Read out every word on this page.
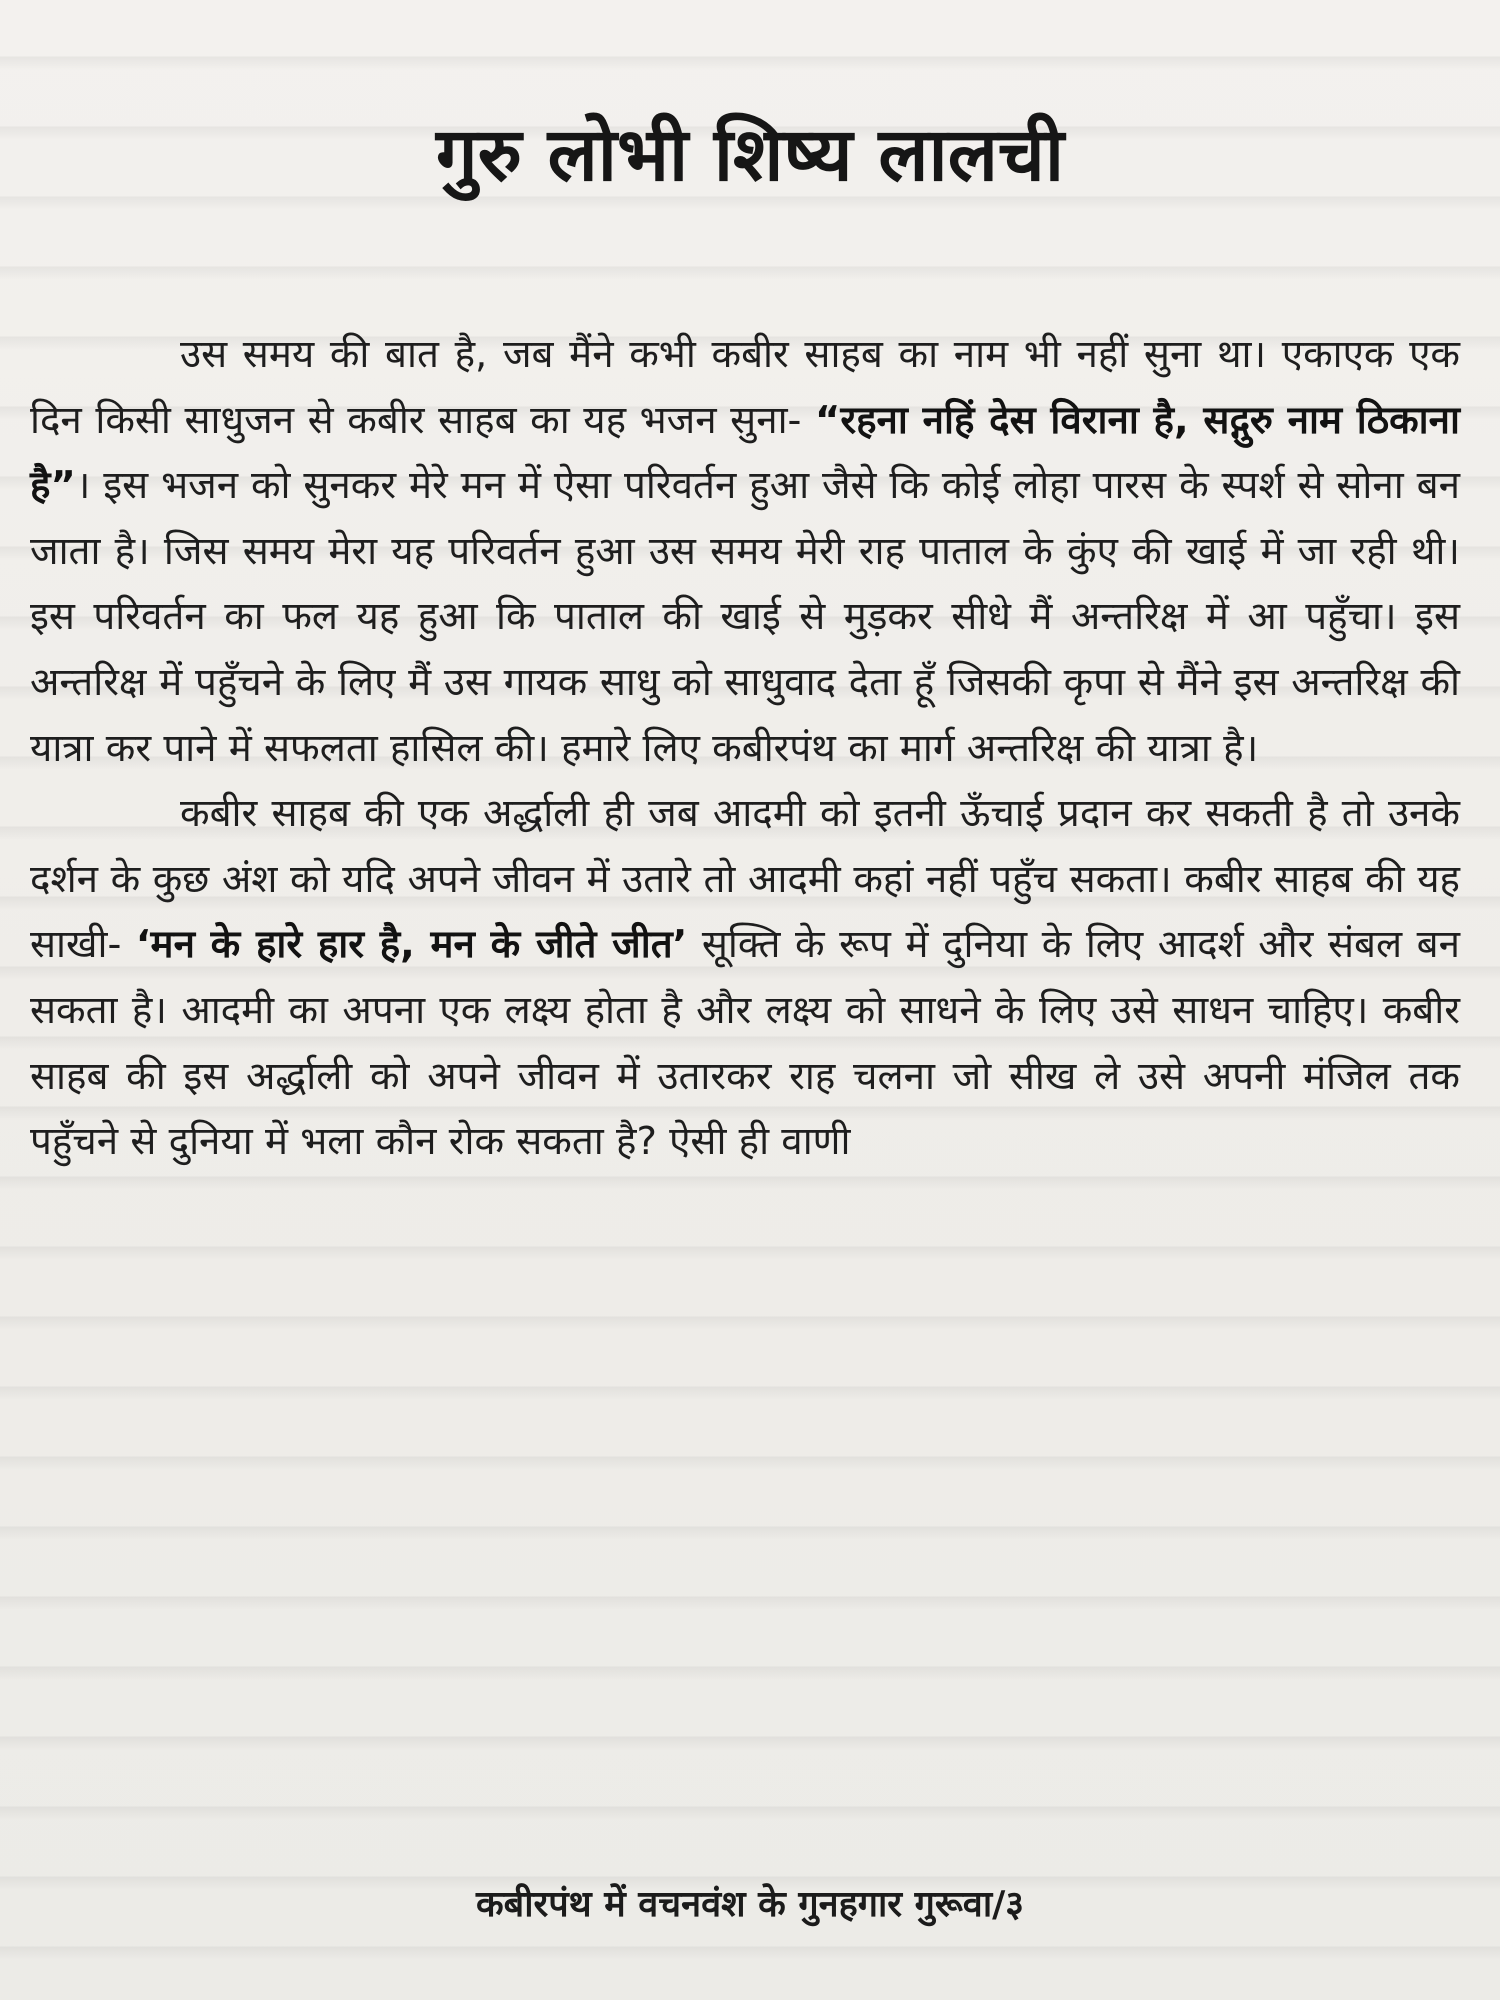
गुरु लोभी शिष्य लालची

उस समय की बात है, जब मैंने कभी कबीर साहब का नाम भी नहीं सुना था। एकाएक एक दिन किसी साधुजन से कबीर साहब का यह भजन सुना- “रहना नहिं देस विराना है, सद्गुरु नाम ठिकाना है”। इस भजन को सुनकर मेरे मन में ऐसा परिवर्तन हुआ जैसे कि कोई लोहा पारस के स्पर्श से सोना बन जाता है। जिस समय मेरा यह परिवर्तन हुआ उस समय मेरी राह पाताल के कुंए की खाई में जा रही थी। इस परिवर्तन का फल यह हुआ कि पाताल की खाई से मुड़कर सीधे मैं अन्तरिक्ष में आ पहुँचा। इस अन्तरिक्ष में पहुँचने के लिए मैं उस गायक साधु को साधुवाद देता हूँ जिसकी कृपा से मैंने इस अन्तरिक्ष की यात्रा कर पाने में सफलता हासिल की। हमारे लिए कबीरपंथ का मार्ग अन्तरिक्ष की यात्रा है।

कबीर साहब की एक अर्द्धाली ही जब आदमी को इतनी ऊँचाई प्रदान कर सकती है तो उनके दर्शन के कुछ अंश को यदि अपने जीवन में उतारे तो आदमी कहां नहीं पहुँच सकता। कबीर साहब की यह साखी- ‘मन के हारे हार है, मन के जीते जीत’ सूक्ति के रूप में दुनिया के लिए आदर्श और संबल बन सकता है। आदमी का अपना एक लक्ष्य होता है और लक्ष्य को साधने के लिए उसे साधन चाहिए। कबीर साहब की इस अर्द्धाली को अपने जीवन में उतारकर राह चलना जो सीख ले उसे अपनी मंजिल तक पहुँचने से दुनिया में भला कौन रोक सकता है? ऐसी ही वाणी

कबीरपंथ में वचनवंश के गुनहगार गुरूवा/३
